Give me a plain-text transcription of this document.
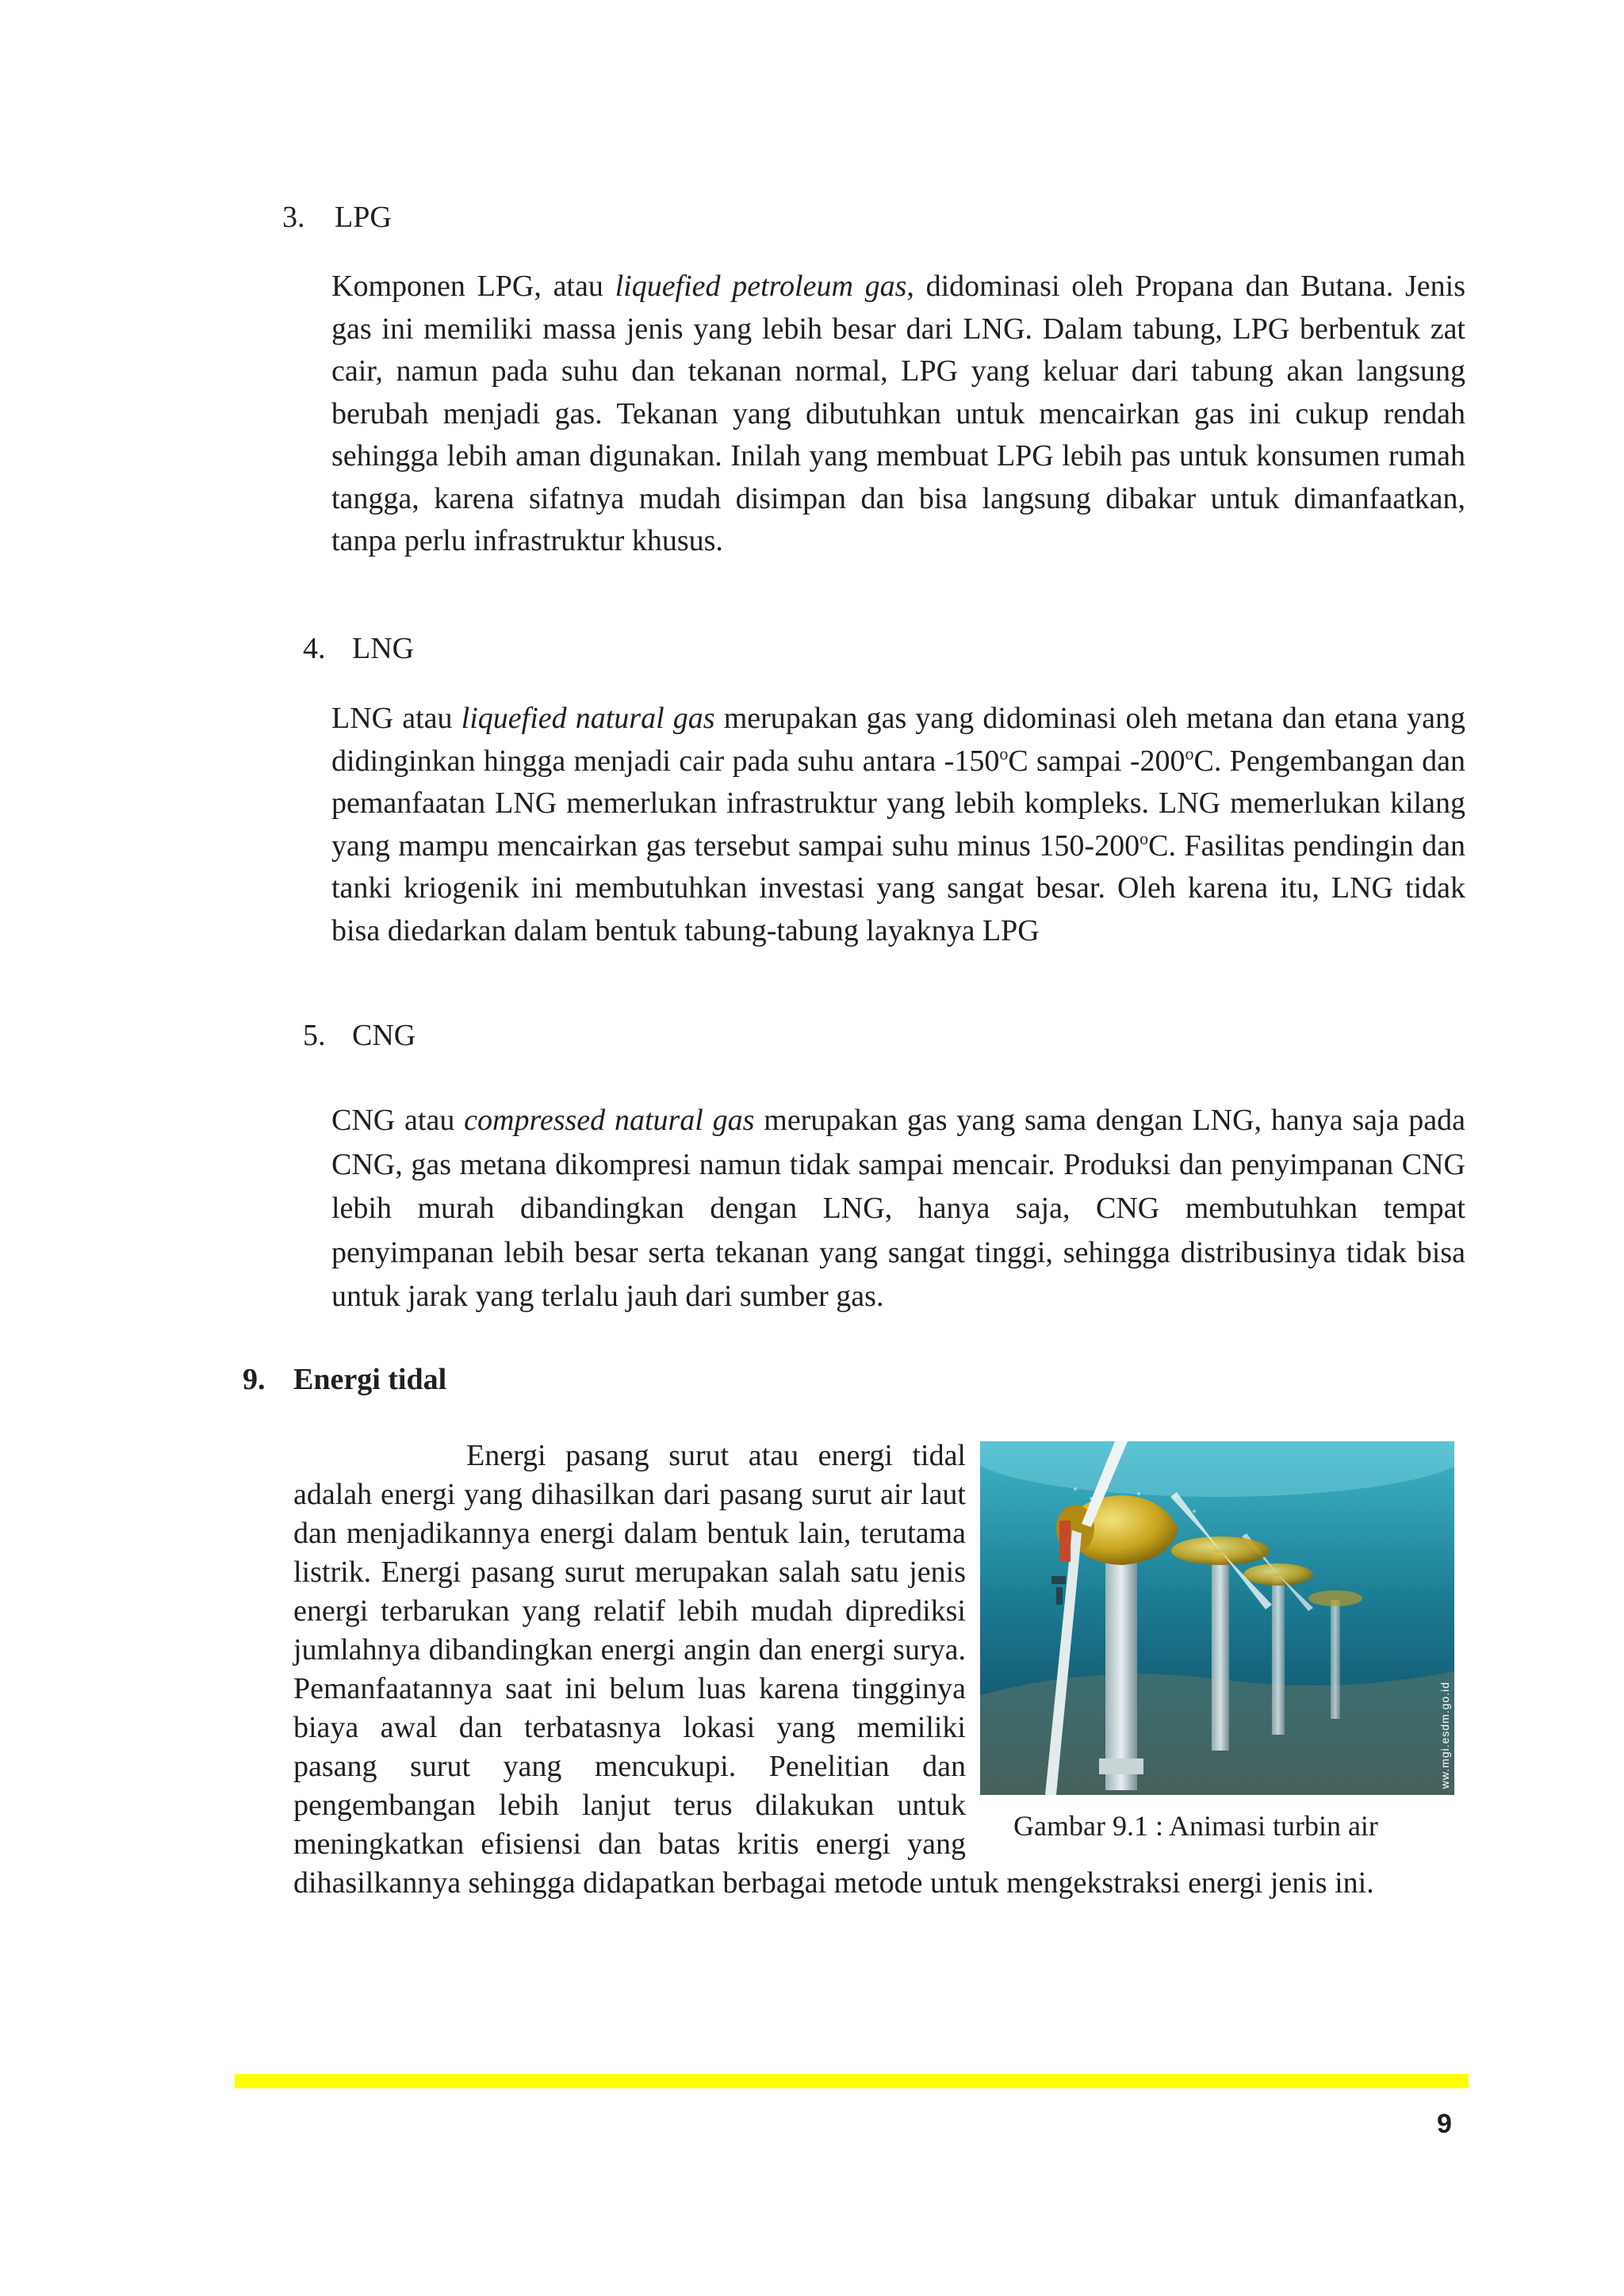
3. LPG

Komponen LPG, atau liquefied petroleum gas, didominasi oleh Propana dan Butana. Jenis gas ini memiliki massa jenis yang lebih besar dari LNG. Dalam tabung, LPG berbentuk zat cair, namun pada suhu dan tekanan normal, LPG yang keluar dari tabung akan langsung berubah menjadi gas. Tekanan yang dibutuhkan untuk mencairkan gas ini cukup rendah sehingga lebih aman digunakan. Inilah yang membuat LPG lebih pas untuk konsumen rumah tangga, karena sifatnya mudah disimpan dan bisa langsung dibakar untuk dimanfaatkan, tanpa perlu infrastruktur khusus.

4. LNG

LNG atau liquefied natural gas merupakan gas yang didominasi oleh metana dan etana yang didinginkan hingga menjadi cair pada suhu antara -150$^o$C sampai -200$^o$C. Pengembangan dan pemanfaatan LNG memerlukan infrastruktur yang lebih kompleks. LNG memerlukan kilang yang mampu mencairkan gas tersebut sampai suhu minus 150-200$^o$C. Fasilitas pendingin dan tanki kriogenik ini membutuhkan investasi yang sangat besar. Oleh karena itu, LNG tidak bisa diedarkan dalam bentuk tabung-tabung layaknya LPG

5. CNG

CNG atau compressed natural gas merupakan gas yang sama dengan LNG, hanya saja pada CNG, gas metana dikompresi namun tidak sampai mencair. Produksi dan penyimpanan CNG lebih murah dibandingkan dengan LNG, hanya saja, CNG membutuhkan tempat penyimpanan lebih besar serta tekanan yang sangat tinggi, sehingga distribusinya tidak bisa untuk jarak yang terlalu jauh dari sumber gas.

9. Energi tidal

Energi pasang surut atau energi tidal adalah energi yang dihasilkan dari pasang surut air laut dan menjadikannya energi dalam bentuk lain, terutama listrik. Energi pasang surut merupakan salah satu jenis energi terbarukan yang relatif lebih mudah diprediksi jumlahnya dibandingkan energi angin dan energi surya. Pemanfaatannya saat ini belum luas karena tingginya biaya awal dan terbatasnya lokasi yang memiliki pasang surut yang mencukupi. Penelitian dan pengembangan lebih lanjut terus dilakukan untuk meningkatkan efisiensi dan batas kritis energi yang dihasilkannya sehingga didapatkan berbagai metode untuk mengekstraksi energi jenis ini.

ww.mgi.esdm.go.id
Gambar 9.1 : Animasi turbin air
9
